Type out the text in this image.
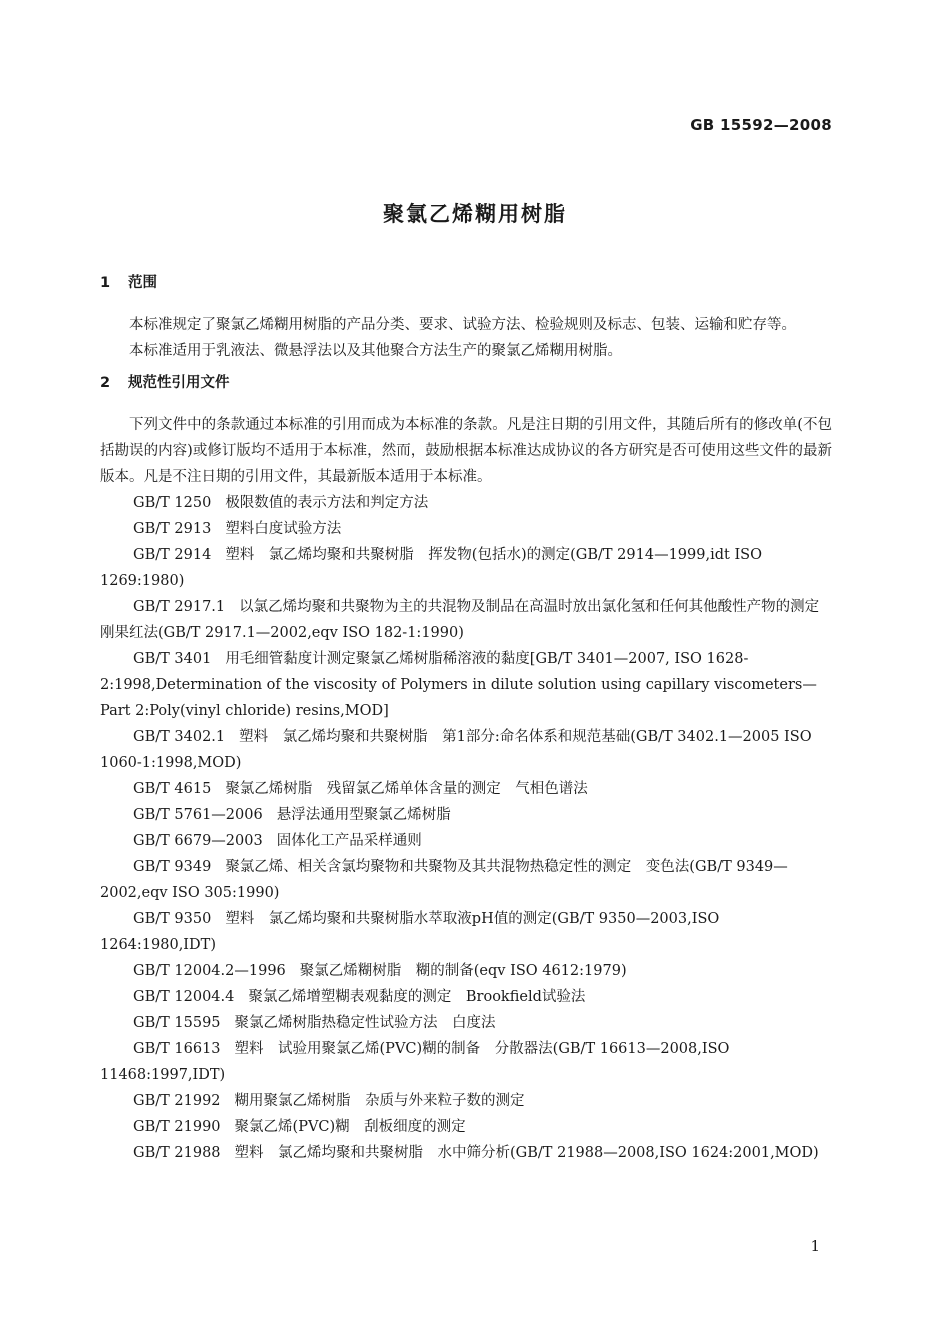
GB 15592—2008
聚氯乙烯糊用树脂
1 范围

本标准规定了聚氯乙烯糊用树脂的产品分类、要求、试验方法、检验规则及标志、包装、运输和贮存等。

本标准适用于乳液法、微悬浮法以及其他聚合方法生产的聚氯乙烯糊用树脂。

2 规范性引用文件

下列文件中的条款通过本标准的引用而成为本标准的条款。凡是注日期的引用文件，其随后所有的修改单(不包括勘误的内容)或修订版均不适用于本标准，然而，鼓励根据本标准达成协议的各方研究是否可使用这些文件的最新版本。凡是不注日期的引用文件，其最新版本适用于本标准。

GB/T 1250 极限数值的表示方法和判定方法

GB/T 2913 塑料白度试验方法

GB/T 2914 塑料　氯乙烯均聚和共聚树脂　挥发物(包括水)的测定(GB/T 2914—1999,idt ISO 1269:1980)

GB/T 2917.1 以氯乙烯均聚和共聚物为主的共混物及制品在高温时放出氯化氢和任何其他酸性产物的测定　刚果红法(GB/T 2917.1—2002,eqv ISO 182-1:1990)

GB/T 3401 用毛细管黏度计测定聚氯乙烯树脂稀溶液的黏度[GB/T 3401—2007, ISO 1628-2:1998,Determination of the viscosity of Polymers in dilute solution using capillary viscometers—Part 2:Poly(vinyl chloride) resins,MOD]

GB/T 3402.1 塑料　氯乙烯均聚和共聚树脂　第1部分:命名体系和规范基础(GB/T 3402.1—2005 ISO 1060-1:1998,MOD)

GB/T 4615 聚氯乙烯树脂　残留氯乙烯单体含量的测定　气相色谱法

GB/T 5761—2006 悬浮法通用型聚氯乙烯树脂

GB/T 6679—2003 固体化工产品采样通则

GB/T 9349 聚氯乙烯、相关含氯均聚物和共聚物及其共混物热稳定性的测定　变色法(GB/T 9349—2002,eqv ISO 305:1990)

GB/T 9350 塑料　氯乙烯均聚和共聚树脂水萃取液pH值的测定(GB/T 9350—2003,ISO 1264:1980,IDT)

GB/T 12004.2—1996 聚氯乙烯糊树脂　糊的制备(eqv ISO 4612:1979)

GB/T 12004.4 聚氯乙烯增塑糊表观黏度的测定　Brookfield试验法

GB/T 15595 聚氯乙烯树脂热稳定性试验方法　白度法

GB/T 16613 塑料　试验用聚氯乙烯(PVC)糊的制备　分散器法(GB/T 16613—2008,ISO 11468:1997,IDT)

GB/T 21992 糊用聚氯乙烯树脂　杂质与外来粒子数的测定

GB/T 21990 聚氯乙烯(PVC)糊　刮板细度的测定

GB/T 21988 塑料　氯乙烯均聚和共聚树脂　水中筛分析(GB/T 21988—2008,ISO 1624:2001,MOD)

1
